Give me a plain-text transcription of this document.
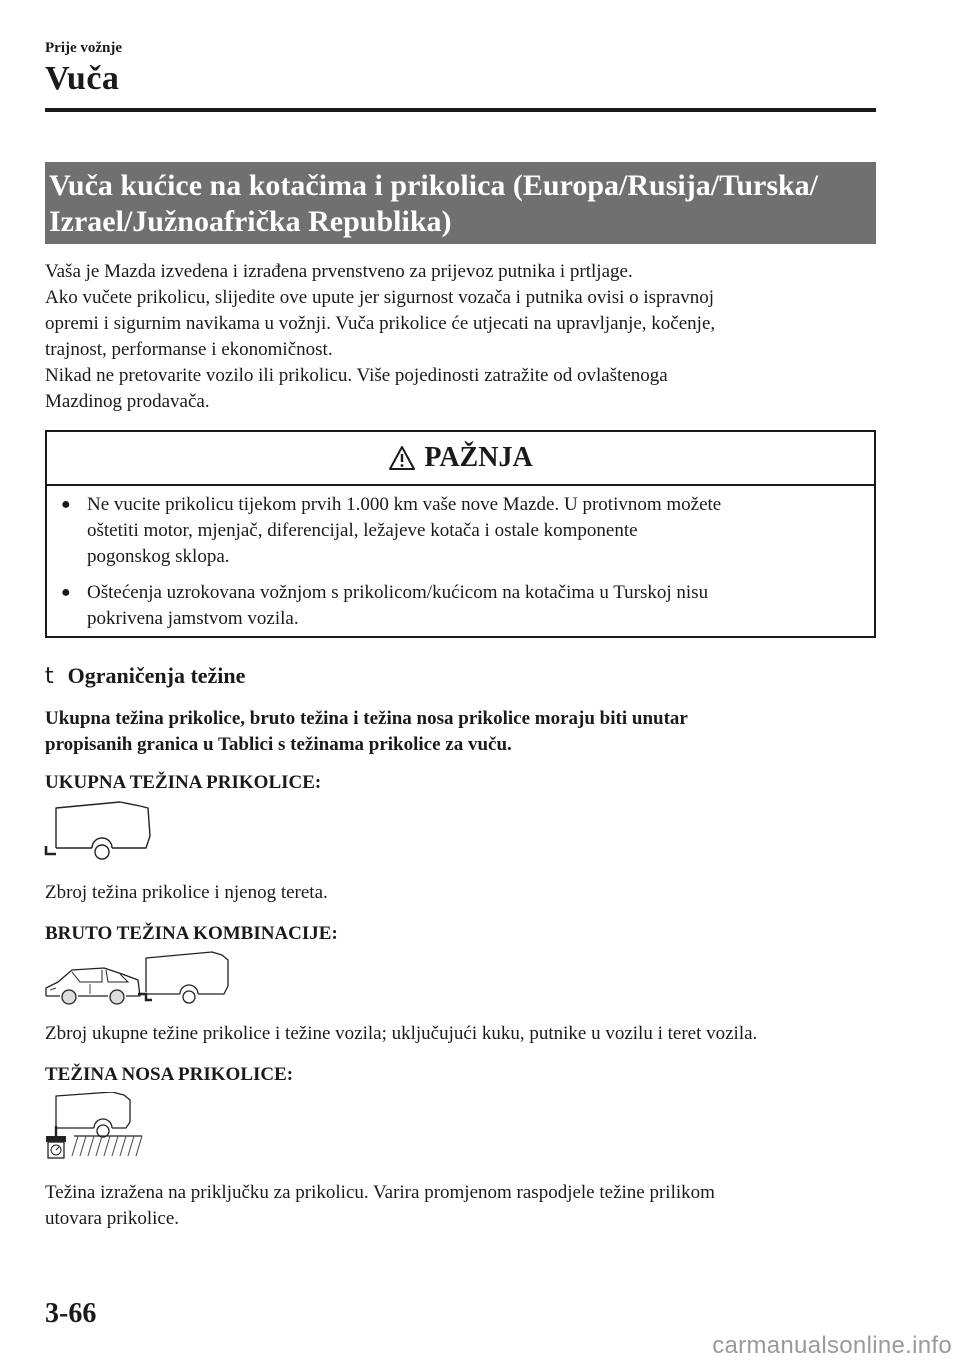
Prije vožnje
Vuča
Vuča kućice na kotačima i prikolica (Europa/Rusija/Turska/
Izrael/Južnoafrička Republika)

Vaša je Mazda izvedena i izrađena prvenstveno za prijevoz putnika i prtljage.

Ako vučete prikolicu, slijedite ove upute jer sigurnost vozača i putnika ovisi o ispravnoj

opremi i sigurnim navikama u vožnji. Vuča prikolice će utjecati na upravljanje, kočenje,

trajnost, performanse i ekonomičnost.

Nikad ne pretovarite vozilo ili prikolicu. Više pojedinosti zatražite od ovlaštenoga

Mazdinog prodavača.

PAŽNJA
● Ne vucite prikolicu tijekom prvih 1.000 km vaše nove Mazde. U protivnom možete
oštetiti motor, mjenjač, diferencijal, ležajeve kotača i ostale komponente
pogonskog sklopa.
● Oštećenja uzrokovana vožnjom s prikolicom/kućicom na kotačima u Turskoj nisu
pokrivena jamstvom vozila.
t Ograničenja težine
Ukupna težina prikolice, bruto težina i težina nosa prikolice moraju biti unutar
propisanih granica u Tablici s težinama prikolice za vuču.
UKUPNA TEŽINA PRIKOLICE:
Zbroj težina prikolice i njenog tereta.
BRUTO TEŽINA KOMBINACIJE:
Zbroj ukupne težine prikolice i težine vozila; uključujući kuku, putnike u vozilu i teret vozila.
TEŽINA NOSA PRIKOLICE:
Težina izražena na priključku za prikolicu. Varira promjenom raspodjele težine prilikom
utovara prikolice.
3-66
carmanualsonline.info
